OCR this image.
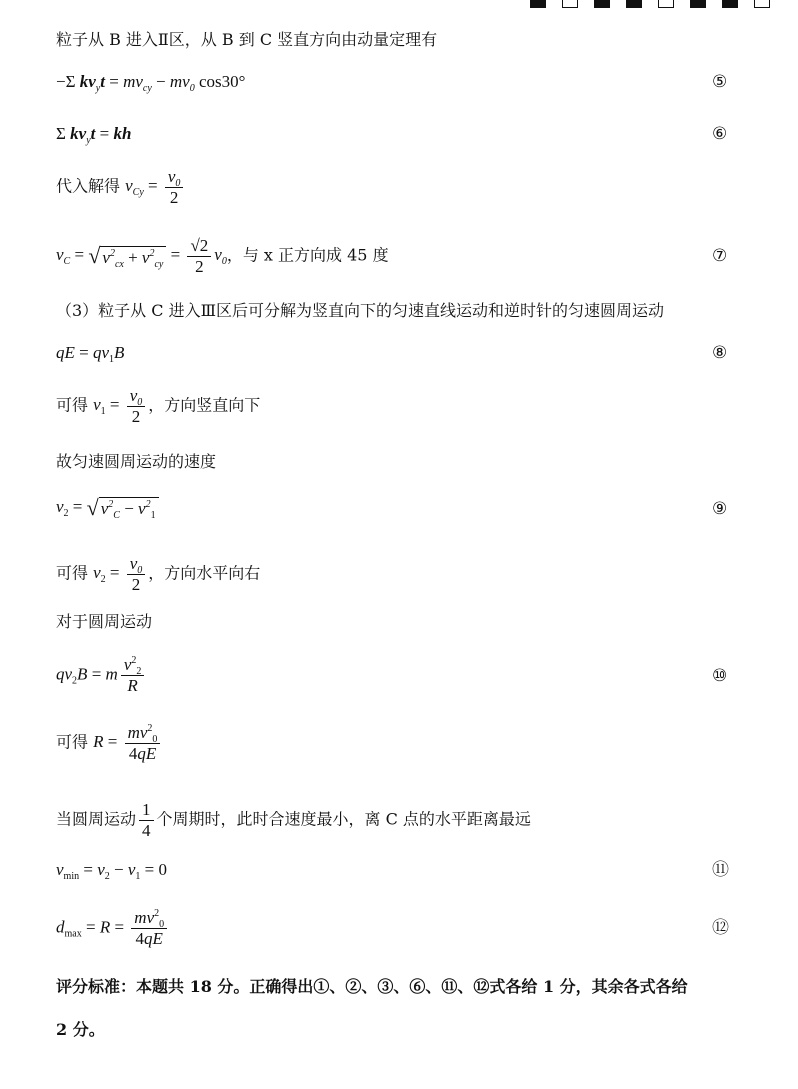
粒子从 B 进入Ⅱ区，从 B 到 C 竖直方向由动量定理有
−Σ $kv_yt = mv_{cy} - mv_0$ cos30°	⑤
Σ $kv_yt$ = kh	⑥
代入解得 $v_{Cy} = \frac{v_0}{2}$
$v_C$ = √ $v^2_{cx} + v^2_{cy} = \frac{√2}{2} v_0$，与 x 正方向成 45 度	⑦
（3）粒子从 C 进入Ⅲ区后可分解为竖直向下的匀速直线运动和逆时针的匀速圆周运动
qE = $qv_1B$	⑧
可得 $v_1 = \frac{v_0}{2}$ ，方向竖直向下
故匀速圆周运动的速度
$v_2$ = √ $v^2_C - v^2_1$	⑨
可得 $v_2 = \frac{v_0}{2}$ ，方向水平向右
对于圆周运动
$qv_2B = m \frac{v^2_2}{R}$	⑩
可得 $R = \frac{mv^2_0}{4qE}$
当圆周运动 $\frac{1}{4}$ 个周期时，此时合速度最小，离 C 点的水平距离最远
$v_{min} = v_2 - v_1 = 0$	⑪
$d_{max} = R = \frac{mv^2_0}{4qE}$	⑫
评分标准：本题共 18 分。正确得出①、②、③、⑥、⑪、⑫式各给 1 分，其余各式各给
2 分。
